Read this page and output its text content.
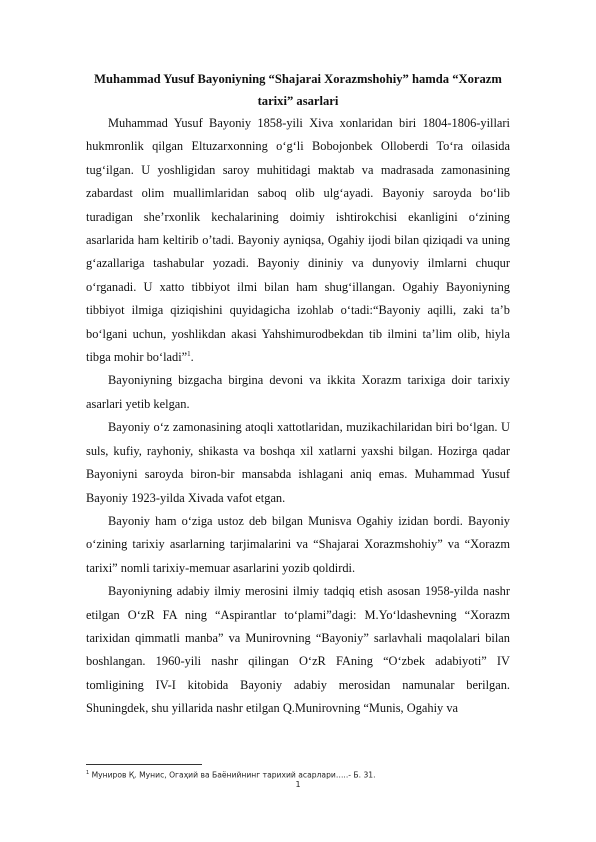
Muhammad Yusuf Bayoniyning “Shajarai Xorazmshohiy” hamda “Xorazm tarixi” asarlari

Muhammad Yusuf Bayoniy 1858-yili Xiva xonlaridan biri 1804-1806-yillari hukmronlik qilgan Eltuzarxonning o‘g‘li Bobojonbek Olloberdi To‘ra oilasida tug‘ilgan. U yoshligidan saroy muhitidagi maktab va madrasada zamonasining zabardast olim muallimlaridan saboq olib ulg‘ayadi. Bayoniy saroyda bo‘lib turadigan she’rxonlik kechalarining doimiy ishtirokchisi ekanligini o‘zining asarlarida ham keltirib o’tadi. Bayoniy ayniqsa, Ogahiy ijodi bilan qiziqadi va uning g‘azallariga tashabular yozadi. Bayoniy dininiy va dunyoviy ilmlarni chuqur o‘rganadi. U xatto tibbiyot ilmi bilan ham shug‘illangan. Ogahiy Bayoniyning tibbiyot ilmiga qiziqishini quyidagicha izohlab o‘tadi:“Bayoniy aqilli, zaki ta’b bo‘lgani uchun, yoshlikdan akasi Yahshimurodbekdan tib ilmini ta’lim olib, hiyla tibga mohir bo‘ladi”$^1$.

Bayoniyning bizgacha birgina devoni va ikkita Xorazm tarixiga doir tarixiy asarlari yetib kelgan.

Bayoniy o‘z zamonasining atoqli xattotlaridan, muzikachilaridan biri bo‘lgan. U suls, kufiy, rayhoniy, shikasta va boshqa xil xatlarni yaxshi bilgan. Hozirga qadar Bayoniyni saroyda biron-bir mansabda ishlagani aniq emas. Muhammad Yusuf Bayoniy 1923-yilda Xivada vafot etgan.

Bayoniy ham o‘ziga ustoz deb bilgan Munisva Ogahiy izidan bordi. Bayoniy o‘zining tarixiy asarlarning tarjimalarini va “Shajarai Xorazmshohiy” va “Xorazm tarixi” nomli tarixiy-memuar asarlarini yozib qoldirdi.

Bayoniyning adabiy ilmiy merosini ilmiy tadqiq etish asosan 1958-yilda nashr etilgan O‘zR FA ning “Aspirantlar to‘plami”dagi: M.Yo‘ldashevning “Xorazm tarixidan qimmatli manba” va Munirovning “Bayoniy” sarlavhali maqolalari bilan boshlangan. 1960-yili nashr qilingan O‘zR FAning “O‘zbek adabiyoti” IV tomligining IV-I kitobida Bayoniy adabiy merosidan namunalar berilgan. Shuningdek, shu yillarida nashr etilgan Q.Munirovning “Munis, Ogahiy va

$^1$ Муниров Қ. Мунис, Огаҳий ва Баёнийнинг тарихий асарлари…..- Б. 31.
1
